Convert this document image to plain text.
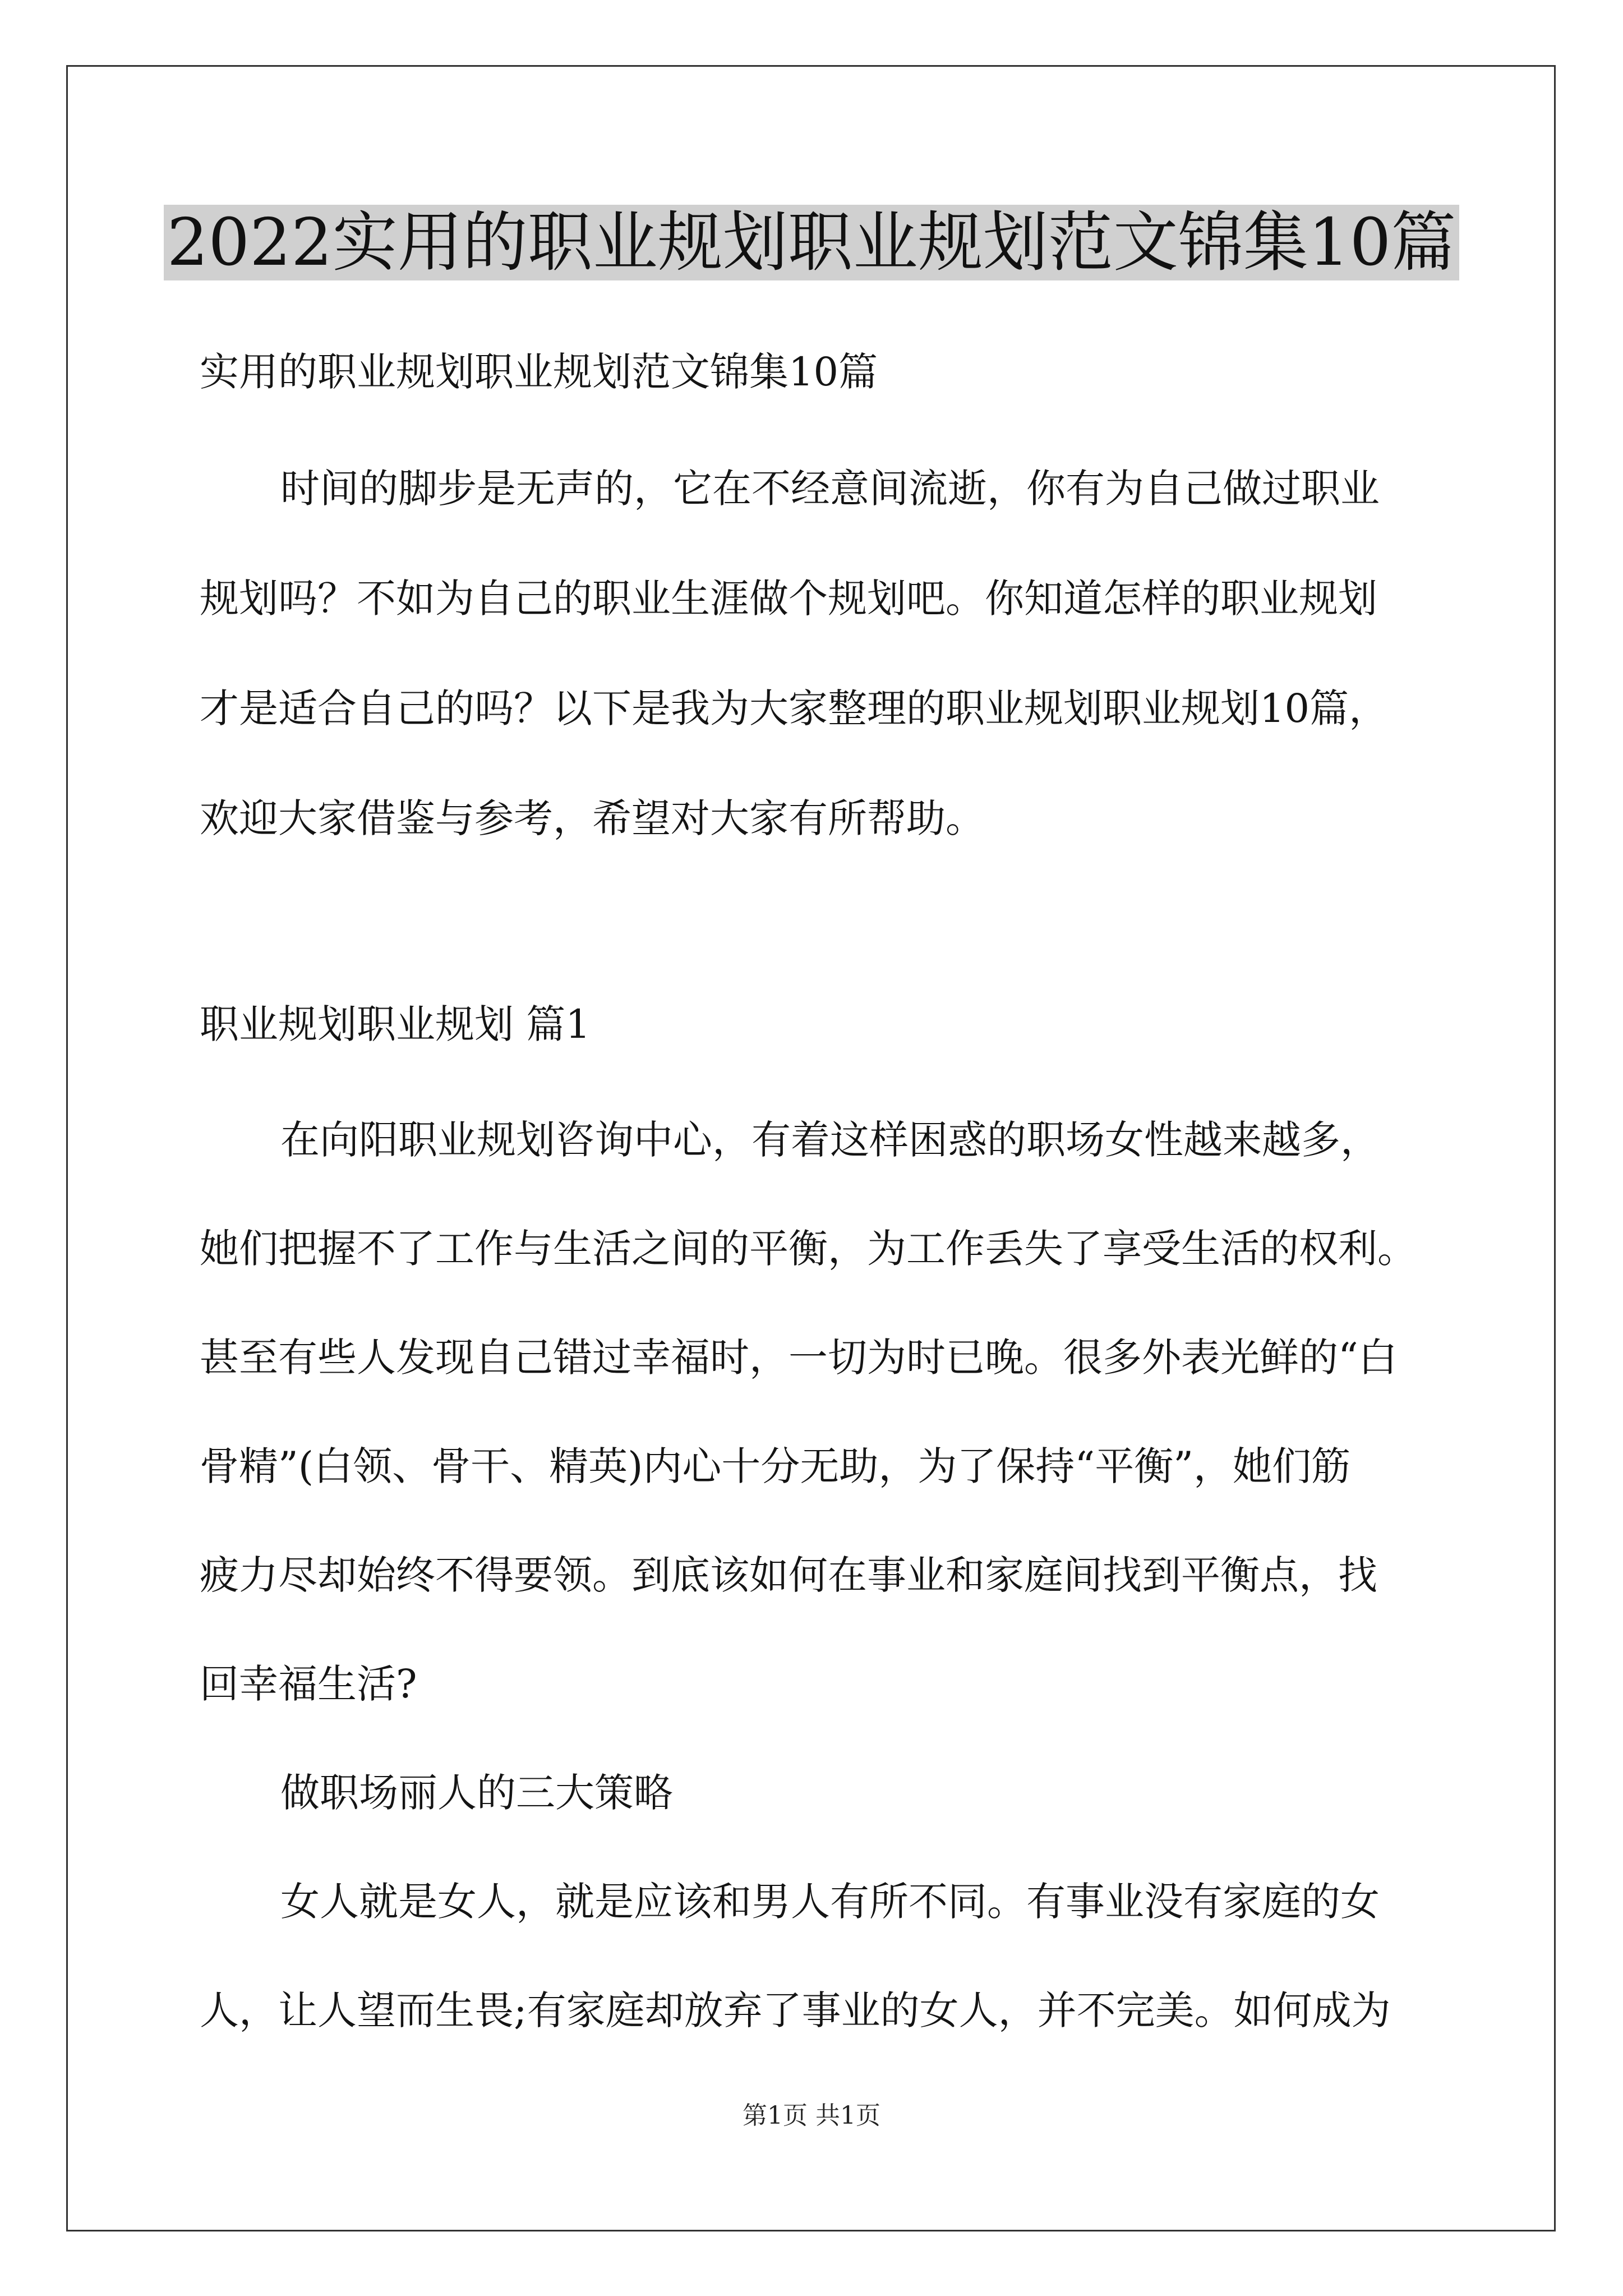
2022实用的职业规划职业规划范文锦集10篇
实用的职业规划职业规划范文锦集10篇
时间的脚步是无声的，它在不经意间流逝，你有为自己做过职业
规划吗？不如为自己的职业生涯做个规划吧。你知道怎样的职业规划
才是适合自己的吗？以下是我为大家整理的职业规划职业规划10篇，
欢迎大家借鉴与参考，希望对大家有所帮助。
职业规划职业规划 篇1
在向阳职业规划咨询中心，有着这样困惑的职场女性越来越多，
她们把握不了工作与生活之间的平衡，为工作丢失了享受生活的权利。
甚至有些人发现自己错过幸福时，一切为时已晚。很多外表光鲜的“白
骨精”(白领、骨干、精英)内心十分无助，为了保持“平衡”，她们筋
疲力尽却始终不得要领。到底该如何在事业和家庭间找到平衡点，找
回幸福生活?
做职场丽人的三大策略
女人就是女人，就是应该和男人有所不同。有事业没有家庭的女
人，让人望而生畏;有家庭却放弃了事业的女人，并不完美。如何成为
第1页 共1页
